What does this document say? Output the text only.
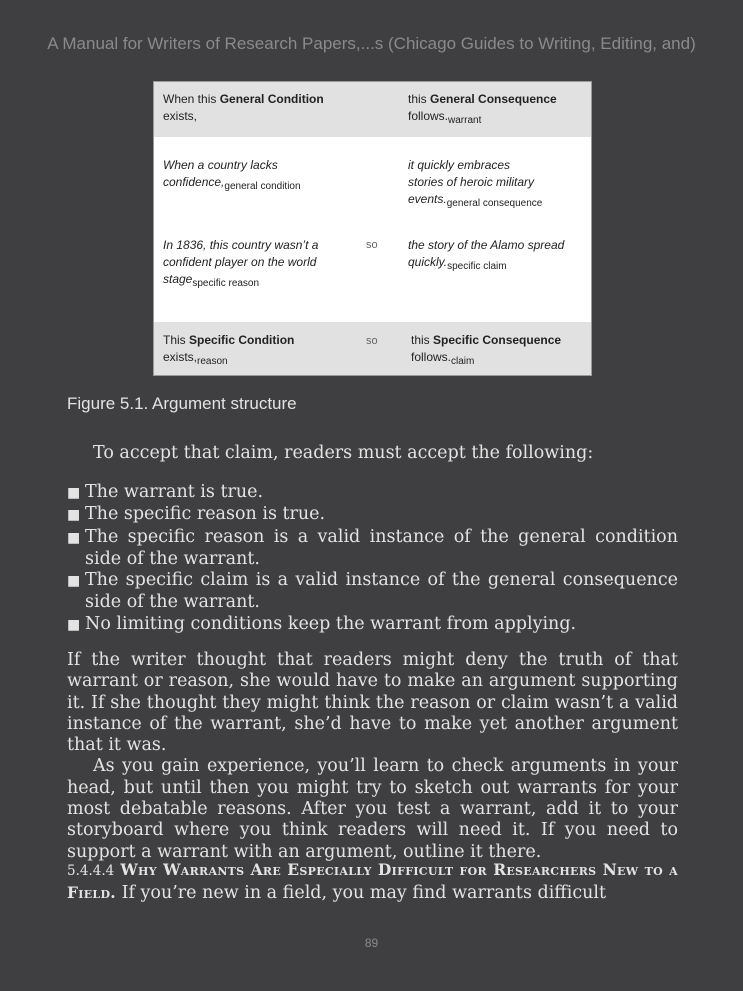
A Manual for Writers of Research Papers,...s (Chicago Guides to Writing, Editing, and)
When this General Condition
exists,
this General Consequence
$follows._{warrant}$
When a country lacks
$confidence,_{general condition}$
it quickly embraces
stories of heroic military
$events._{general consequence}$
In 1836, this country wasn’t a
confident player on the world
stage$_{specific reason}$
so	the story of the Alamo spread
$quickly._{specific claim}$
This Specific Condition
$exists,_{reason}$
so	this Specific Consequence
$follows._{claim}$
Figure 5.1. Argument structure

To accept that claim, readers must accept the following:

■ The warrant is true.
■ The specific reason is true.
■ The specific reason is a valid instance of the general condition side of the warrant.
■ The specific claim is a valid instance of the general consequence side of the warrant.
■ No limiting conditions keep the warrant from applying.

If the writer thought that readers might deny the truth of that warrant or reason, she would have to make an argument supporting it. If she thought they might think the reason or claim wasn’t a valid instance of the warrant, she’d have to make yet another argument that it was.

As you gain experience, you’ll learn to check arguments in your head, but until then you might try to sketch out warrants for your most debatable reasons. After you test a warrant, add it to your storyboard where you think readers will need it. If you need to support a warrant with an argument, outline it there.

5.4.4.4 Why Warrants Are Especially Difficult for Researchers New to a Field. If you’re new in a field, you may find warrants difficult
89
